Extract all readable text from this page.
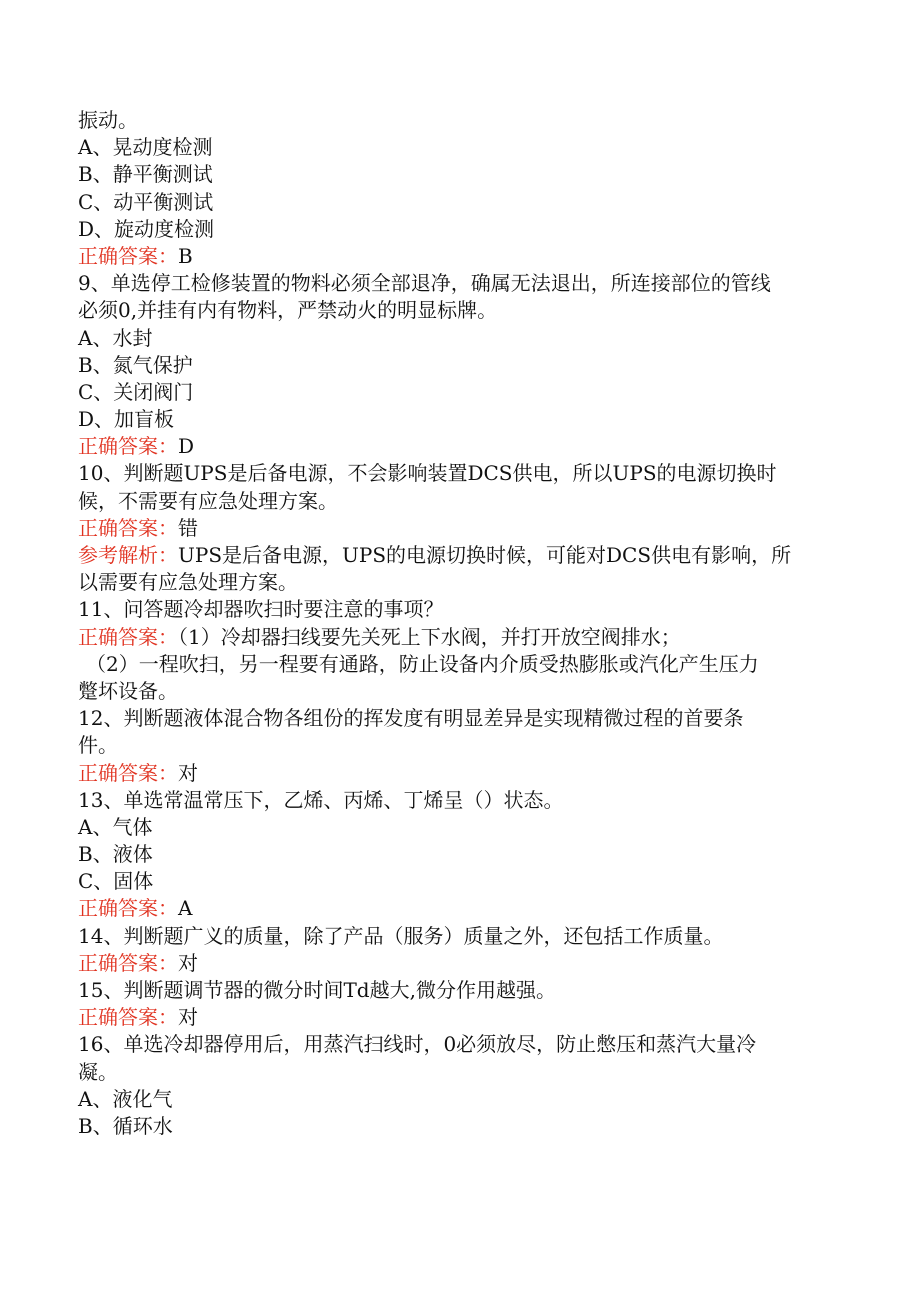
振动。
A、晃动度检测
B、静平衡测试
C、动平衡测试
D、旋动度检测
正确答案：B
9、单选停工检修装置的物料必须全部退净，确属无法退出，所连接部位的管线
必须0,并挂有内有物料，严禁动火的明显标牌。
A、水封
B、氮气保护
C、关闭阀门
D、加盲板
正确答案：D
10、判断题UPS是后备电源，不会影响装置DCS供电，所以UPS的电源切换时
候，不需要有应急处理方案。
正确答案：错
参考解析：UPS是后备电源，UPS的电源切换时候，可能对DCS供电有影响，所
以需要有应急处理方案。
11、问答题冷却器吹扫时要注意的事项？
正确答案：（1）冷却器扫线要先关死上下水阀，并打开放空阀排水；
（2）一程吹扫，另一程要有通路，防止设备内介质受热膨胀或汽化产生压力
蹩坏设备。
12、判断题液体混合物各组份的挥发度有明显差异是实现精微过程的首要条
件。
正确答案：对
13、单选常温常压下，乙烯、丙烯、丁烯呈（）状态。
A、气体
B、液体
C、固体
正确答案：A
14、判断题广义的质量，除了产品（服务）质量之外，还包括工作质量。
正确答案：对
15、判断题调节器的微分时间Td越大,微分作用越强。
正确答案：对
16、单选冷却器停用后，用蒸汽扫线时，0必须放尽，防止憋压和蒸汽大量冷
凝。
A、液化气
B、循环水
